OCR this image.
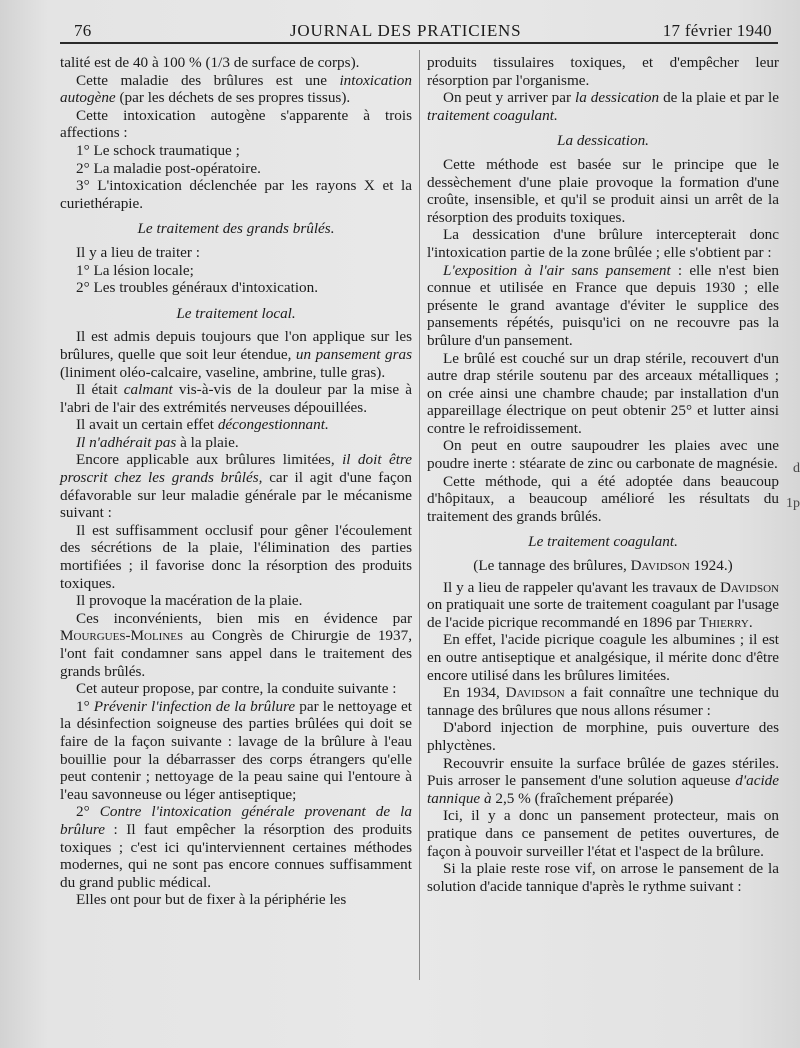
76	JOURNAL DES PRATICIENS	17 février 1940

talité est de 40 à 100 % (1/3 de surface de corps).

Cette maladie des brûlures est une intoxication autogène (par les déchets de ses propres tissus).

Cette intoxication autogène s'apparente à trois affections :

1° Le schock traumatique ;

2° La maladie post-opératoire.

3° L'intoxication déclenchée par les rayons X et la curiethérapie.

Le traitement des grands brûlés.

Il y a lieu de traiter :

1° La lésion locale;

2° Les troubles généraux d'intoxication.

Le traitement local.

Il est admis depuis toujours que l'on applique sur les brûlures, quelle que soit leur étendue, un pansement gras (liniment oléo-calcaire, vaseline, ambrine, tulle gras).

Il était calmant vis-à-vis de la douleur par la mise à l'abri de l'air des extrémités nerveuses dépouillées.

Il avait un certain effet décongestionnant.

Il n'adhérait pas à la plaie.

Encore applicable aux brûlures limitées, il doit être proscrit chez les grands brûlés, car il agit d'une façon défavorable sur leur maladie générale par le mécanisme suivant :

Il est suffisamment occlusif pour gêner l'écoulement des sécrétions de la plaie, l'élimination des parties mortifiées ; il favorise donc la résorption des produits toxiques.

Il provoque la macération de la plaie.

Ces inconvénients, bien mis en évidence par Mourgues-Molines au Congrès de Chirurgie de 1937, l'ont fait condamner sans appel dans le traitement des grands brûlés.

Cet auteur propose, par contre, la conduite suivante :

1° Prévenir l'infection de la brûlure par le nettoyage et la désinfection soigneuse des parties brûlées qui doit se faire de la façon suivante : lavage de la brûlure à l'eau bouillie pour la débarrasser des corps étrangers qu'elle peut contenir ; nettoyage de la peau saine qui l'entoure à l'eau savonneuse ou léger antiseptique;

2° Contre l'intoxication générale provenant de la brûlure : Il faut empêcher la résorption des produits toxiques ; c'est ici qu'interviennent certaines méthodes modernes, qui ne sont pas encore connues suffisamment du grand public médical.

Elles ont pour but de fixer à la périphérie les

produits tissulaires toxiques, et d'empêcher leur résorption par l'organisme.

On peut y arriver par la dessication de la plaie et par le traitement coagulant.

La dessication.

Cette méthode est basée sur le principe que le dessèchement d'une plaie provoque la formation d'une croûte, insensible, et qu'il se produit ainsi un arrêt de la résorption des produits toxiques.

La dessication d'une brûlure intercepterait donc l'intoxication partie de la zone brûlée ; elle s'obtient par :

L'exposition à l'air sans pansement : elle n'est bien connue et utilisée en France que depuis 1930 ; elle présente le grand avantage d'éviter le supplice des pansements répétés, puisqu'ici on ne recouvre pas la brûlure d'un pansement.

Le brûlé est couché sur un drap stérile, recouvert d'un autre drap stérile soutenu par des arceaux métalliques ; on crée ainsi une chambre chaude; par installation d'un appareillage électrique on peut obtenir 25° et lutter ainsi contre le refroidissement.

On peut en outre saupoudrer les plaies avec une poudre inerte : stéarate de zinc ou carbonate de magnésie.

Cette méthode, qui a été adoptée dans beaucoup d'hôpitaux, a beaucoup amélioré les résultats du traitement des grands brûlés.

Le traitement coagulant.

(Le tannage des brûlures, Davidson 1924.)

Il y a lieu de rappeler qu'avant les travaux de Davidson on pratiquait une sorte de traitement coagulant par l'usage de l'acide picrique recommandé en 1896 par Thierry.

En effet, l'acide picrique coagule les albumines ; il est en outre antiseptique et analgésique, il mérite donc d'être encore utilisé dans les brûlures limitées.

En 1934, Davidson a fait connaître une technique du tannage des brûlures que nous allons résumer :

D'abord injection de morphine, puis ouverture des phlyctènes.

Recouvrir ensuite la surface brûlée de gazes stériles. Puis arroser le pansement d'une solution aqueuse d'acide tannique à 2,5 % (fraîchement préparée)

Ici, il y a donc un pansement protecteur, mais on pratique dans ce pansement de petites ouvertures, de façon à pouvoir surveiller l'état et l'aspect de la brûlure.

Si la plaie reste rose vif, on arrose le pansement de la solution d'acide tannique d'après le rythme suivant :

d
1p
